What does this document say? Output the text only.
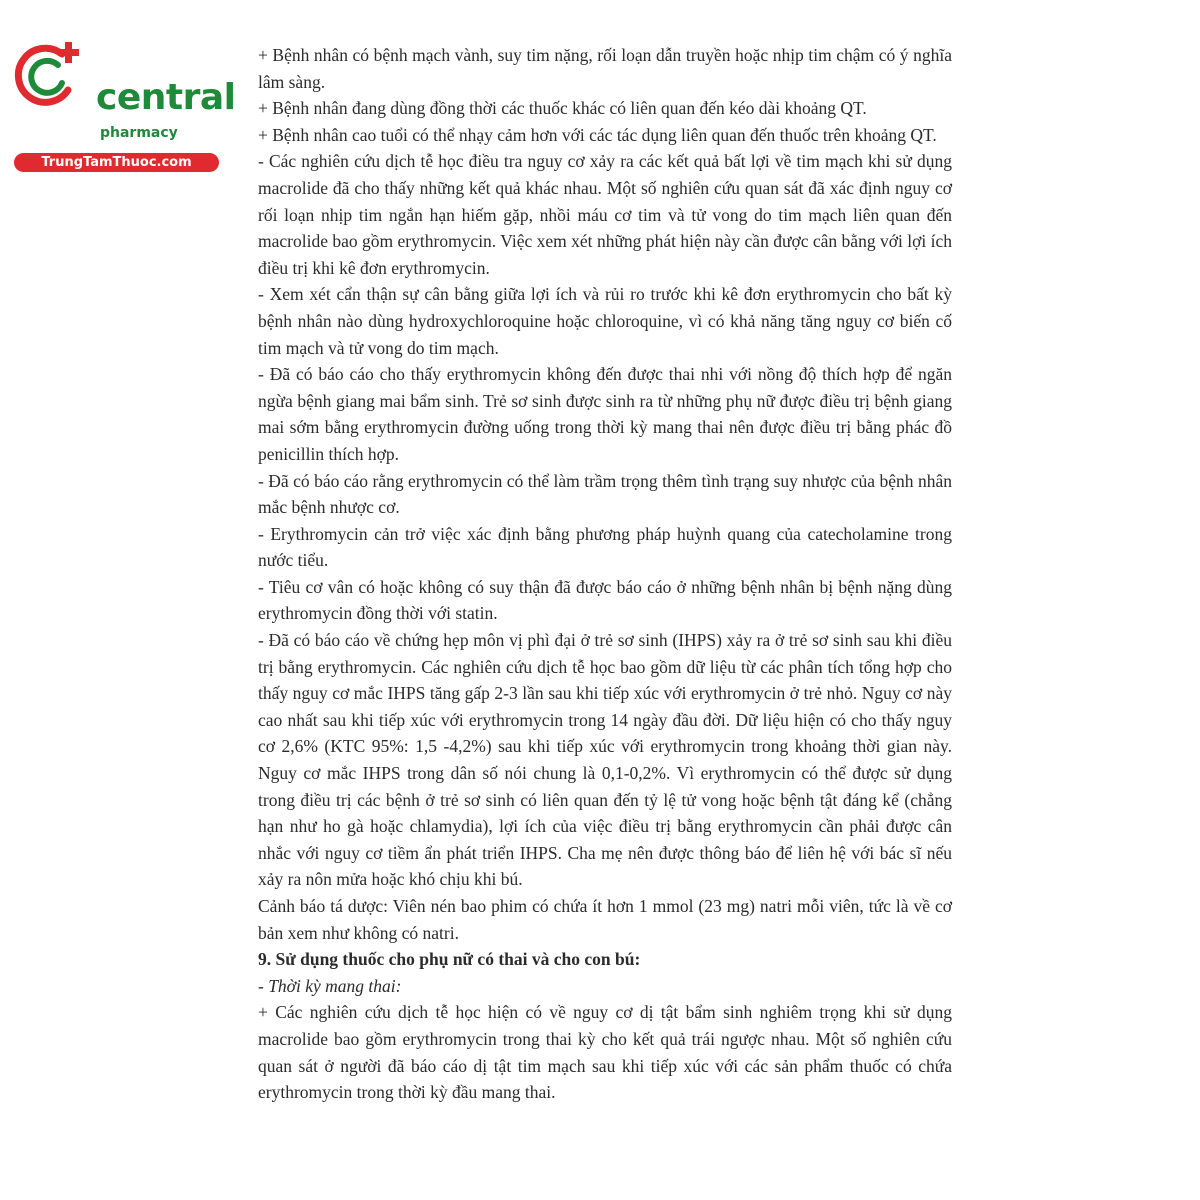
central
pharmacy
TrungTamThuoc.com

+ Bệnh nhân có bệnh mạch vành, suy tim nặng, rối loạn dẫn truyền hoặc nhịp tim chậm có ý nghĩa lâm sàng.

+ Bệnh nhân đang dùng đồng thời các thuốc khác có liên quan đến kéo dài khoảng QT.

+ Bệnh nhân cao tuổi có thể nhạy cảm hơn với các tác dụng liên quan đến thuốc trên khoảng QT.

- Các nghiên cứu dịch tễ học điều tra nguy cơ xảy ra các kết quả bất lợi về tim mạch khi sử dụng macrolide đã cho thấy những kết quả khác nhau. Một số nghiên cứu quan sát đã xác định nguy cơ rối loạn nhịp tim ngắn hạn hiếm gặp, nhồi máu cơ tim và tử vong do tim mạch liên quan đến macrolide bao gồm erythromycin. Việc xem xét những phát hiện này cần được cân bằng với lợi ích điều trị khi kê đơn erythromycin.

- Xem xét cẩn thận sự cân bằng giữa lợi ích và rủi ro trước khi kê đơn erythromycin cho bất kỳ bệnh nhân nào dùng hydroxychloroquine hoặc chloroquine, vì có khả năng tăng nguy cơ biến cố tim mạch và tử vong do tim mạch.

- Đã có báo cáo cho thấy erythromycin không đến được thai nhi với nồng độ thích hợp để ngăn ngừa bệnh giang mai bẩm sinh. Trẻ sơ sinh được sinh ra từ những phụ nữ được điều trị bệnh giang mai sớm bằng erythromycin đường uống trong thời kỳ mang thai nên được điều trị bằng phác đồ penicillin thích hợp.

- Đã có báo cáo rằng erythromycin có thể làm trầm trọng thêm tình trạng suy nhược của bệnh nhân mắc bệnh nhược cơ.

- Erythromycin cản trở việc xác định bằng phương pháp huỳnh quang của catecholamine trong nước tiểu.

- Tiêu cơ vân có hoặc không có suy thận đã được báo cáo ở những bệnh nhân bị bệnh nặng dùng erythromycin đồng thời với statin.

- Đã có báo cáo về chứng hẹp môn vị phì đại ở trẻ sơ sinh (IHPS) xảy ra ở trẻ sơ sinh sau khi điều trị bằng erythromycin. Các nghiên cứu dịch tễ học bao gồm dữ liệu từ các phân tích tổng hợp cho thấy nguy cơ mắc IHPS tăng gấp 2-3 lần sau khi tiếp xúc với erythromycin ở trẻ nhỏ. Nguy cơ này cao nhất sau khi tiếp xúc với erythromycin trong 14 ngày đầu đời. Dữ liệu hiện có cho thấy nguy cơ 2,6% (KTC 95%: 1,5 -4,2%) sau khi tiếp xúc với erythromycin trong khoảng thời gian này. Nguy cơ mắc IHPS trong dân số nói chung là 0,1-0,2%. Vì erythromycin có thể được sử dụng trong điều trị các bệnh ở trẻ sơ sinh có liên quan đến tỷ lệ tử vong hoặc bệnh tật đáng kể (chẳng hạn như ho gà hoặc chlamydia), lợi ích của việc điều trị bằng erythromycin cần phải được cân nhắc với nguy cơ tiềm ẩn phát triển IHPS. Cha mẹ nên được thông báo để liên hệ với bác sĩ nếu xảy ra nôn mửa hoặc khó chịu khi bú.

Cảnh báo tá dược: Viên nén bao phim có chứa ít hơn 1 mmol (23 mg) natri mỗi viên, tức là về cơ bản xem như không có natri.

9. Sử dụng thuốc cho phụ nữ có thai và cho con bú:

- Thời kỳ mang thai:

+ Các nghiên cứu dịch tễ học hiện có về nguy cơ dị tật bẩm sinh nghiêm trọng khi sử dụng macrolide bao gồm erythromycin trong thai kỳ cho kết quả trái ngược nhau. Một số nghiên cứu quan sát ở người đã báo cáo dị tật tim mạch sau khi tiếp xúc với các sản phẩm thuốc có chứa erythromycin trong thời kỳ đầu mang thai.
